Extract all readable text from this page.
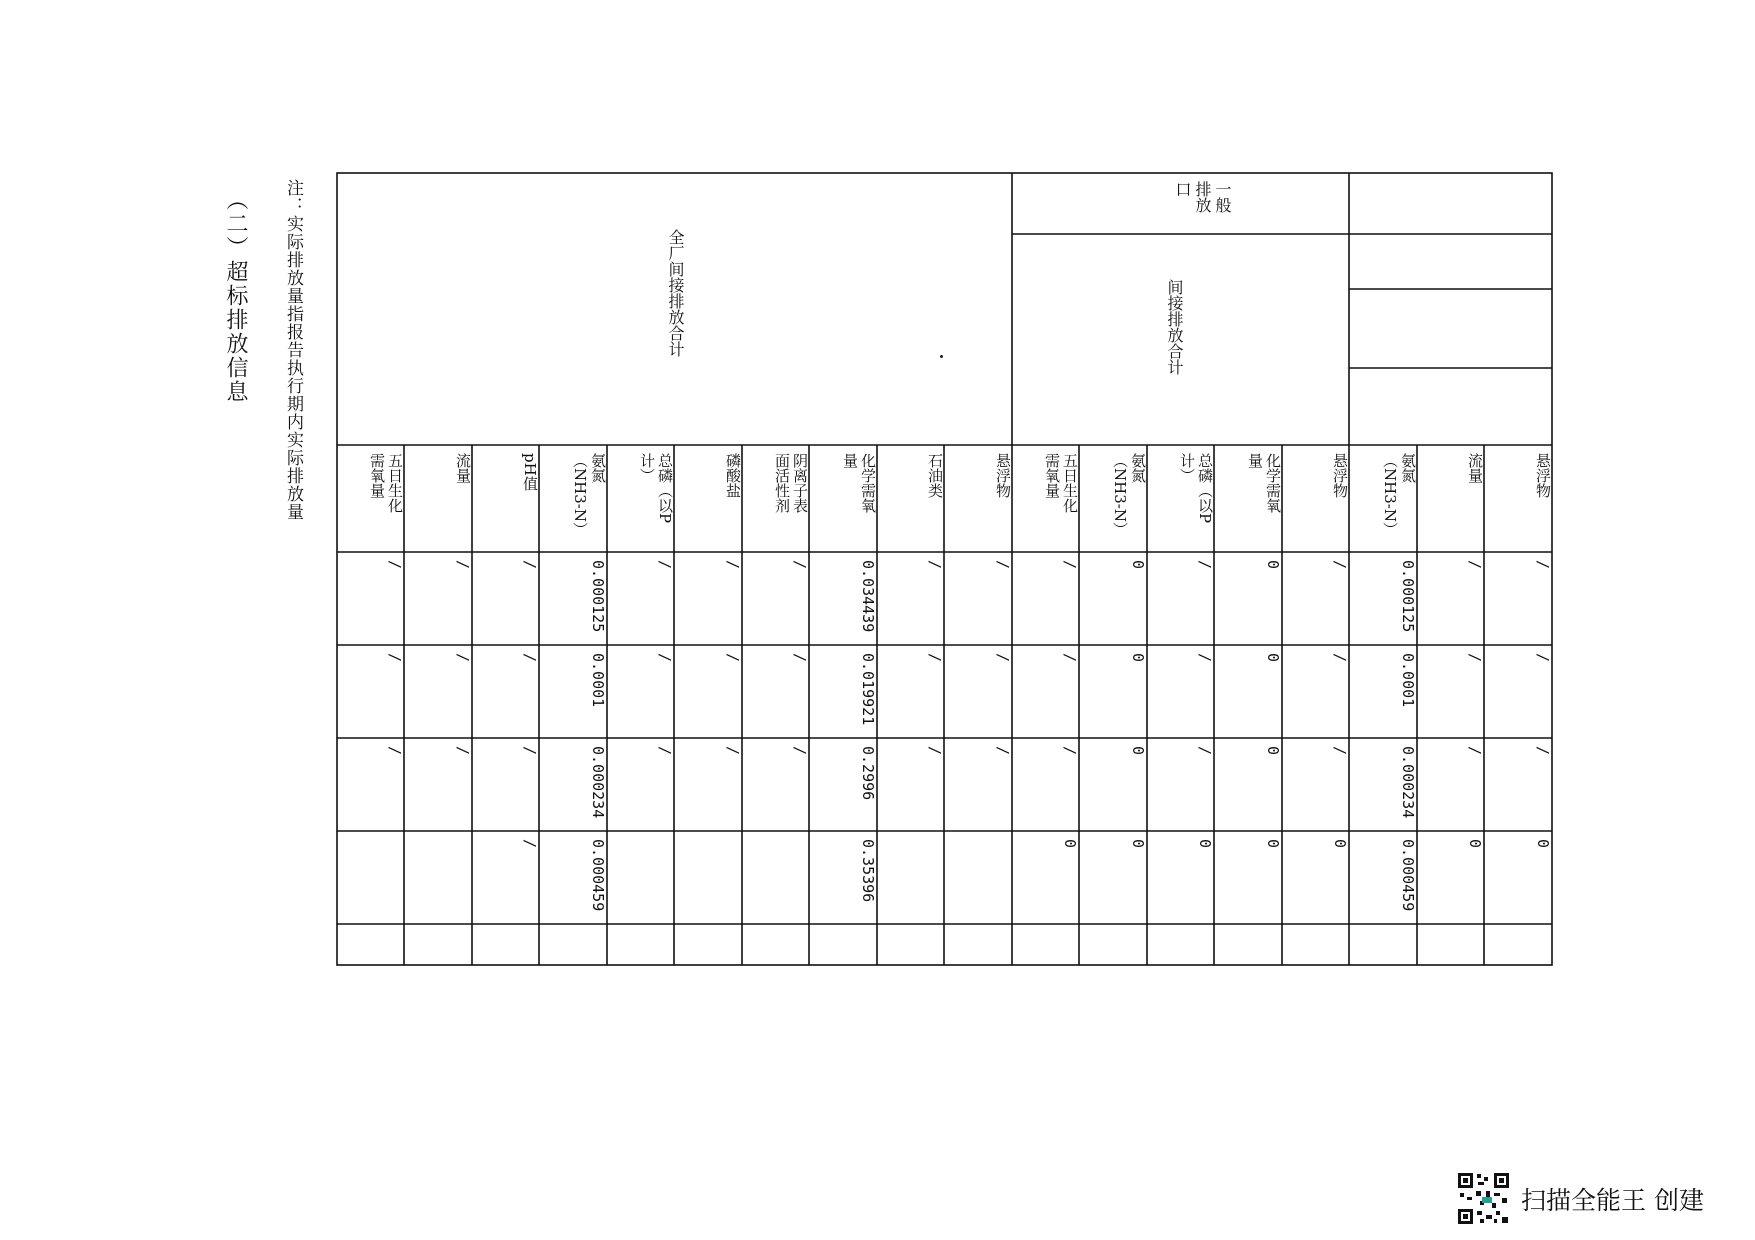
一般
排放
口
间接排放合计
全厂间接排放合计
悬浮物
/
/
/
0
流量
/
/
/
0
氨氮
（NH3-N）
0.000125
0.0001
0.000234
0.000459
悬浮物
/
/
/
0
化学需氧
量
0
0
0
0
总磷（以P
计）
/
/
/
0
氨氮
（NH3-N）
0
0
0
0
五日生化
需氧量
/
/
/
0
悬浮物
/
/
/
石油类
/
/
/
化学需氧
量
0.034439
0.019921
0.2996
0.35396
阴离子表
面活性剂
/
/
/
磷酸盐
/
/
/
总磷（以P
计）
/
/
/
氨氮
（NH3-N）
0.000125
0.0001
0.000234
0.000459
pH值
/
/
/
/
流量
/
/
/
五日生化
需氧量
/
/
/
注：实际排放量指报告执行期内实际排放量
（二）超标排放信息
扫描全能王 创建
